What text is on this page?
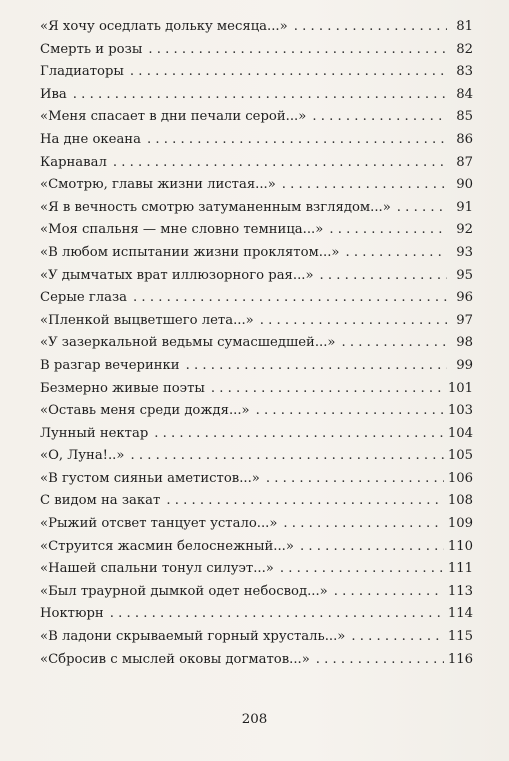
«Я хочу оседлать дольку месяца...» . . .	81
Смерть и розы . . .	82
Гладиаторы . . .	83
Ива . . .	84
«Меня спасает в дни печали серой...» . . .	85
На дне океана . . .	86
Карнавал . . .	87
«Смотрю, главы жизни листая...» . . .	90
«Я в вечность смотрю затуманенным взглядом...» . . .	91
«Моя спальня — мне словно темница...» . . .	92
«В любом испытании жизни проклятом...» . . .	93
«У дымчатых врат иллюзорного рая...» . . .	95
Серые глаза . . .	96
«Пленкой выцветшего лета...» . . .	97
«У зазеркальной ведьмы сумасшедшей...» . . .	98
В разгар вечеринки . . .	99
Безмерно живые поэты . . .	101
«Оставь меня среди дождя...» . . .	103
Лунный нектар . . .	104
«О, Луна!..» . . .	105
«В густом сияньи аметистов...» . . .	106
С видом на закат . . .	108
«Рыжий отсвет танцует устало...» . . .	109
«Струится жасмин белоснежный...» . . .	110
«Нашей спальни тонул силуэт...» . . .	111
«Был траурной дымкой одет небосвод...» . . .	113
Ноктюрн . . .	114
«В ладони скрываемый горный хрусталь...» . . .	115
«Сбросив с мыслей оковы догматов...» . . .	116
208
